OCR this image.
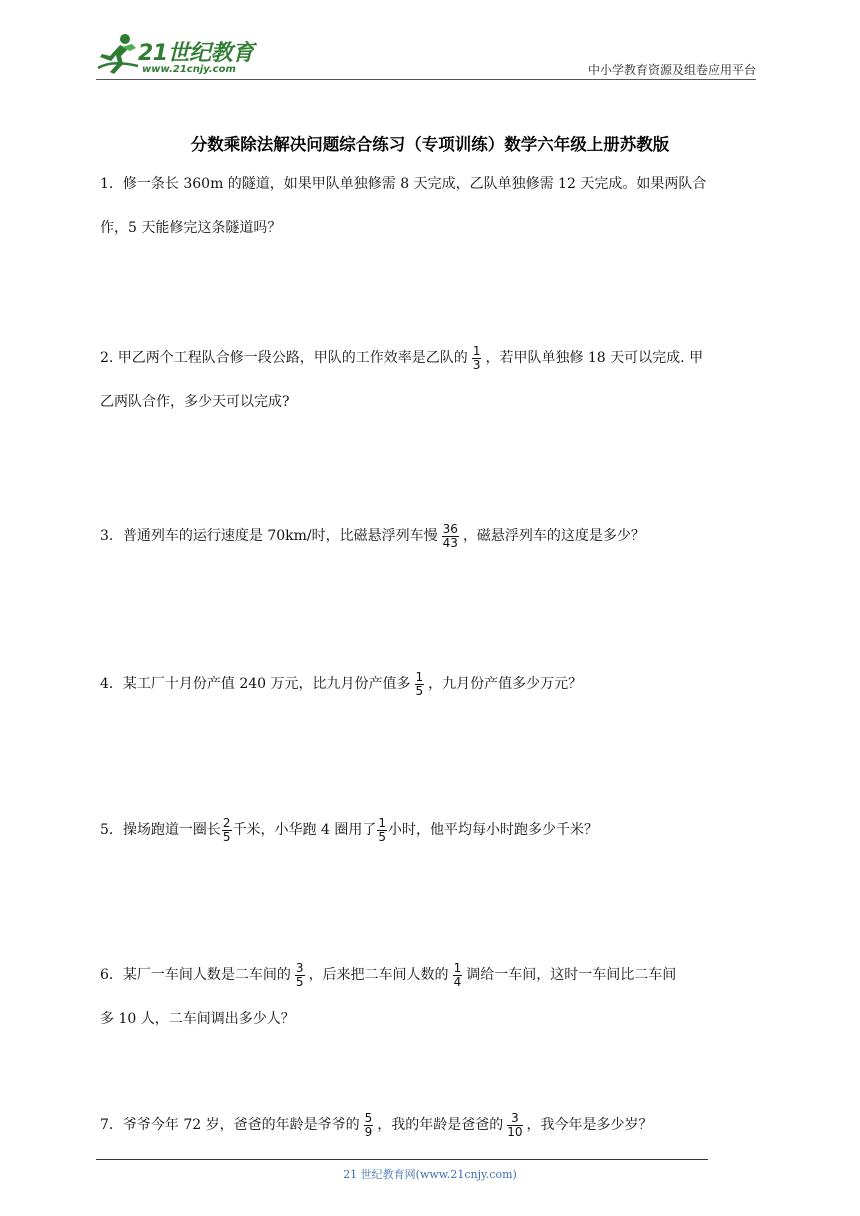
21世纪教育
www.21cnjy.com	中小学教育资源及组卷应用平台
分数乘除法解决问题综合练习（专项训练）数学六年级上册苏教版
1．修一条长 360m 的隧道，如果甲队单独修需 8 天完成，乙队单独修需 12 天完成。如果两队合
作，5 天能修完这条隧道吗？
2. 甲乙两个工程队合修一段公路，甲队的工作效率是乙队的 $\frac{1}{3}$ ，若甲队单独修 18 天可以完成. 甲
乙两队合作，多少天可以完成?
3．普通列车的运行速度是 70km/时，比磁悬浮列车慢 $\frac{36}{43}$ ，磁悬浮列车的这度是多少？
4．某工厂十月份产值 240 万元，比九月份产值多 $\frac{1}{5}$ ，九月份产值多少万元？
5．操场跑道一圈长 $\frac{2}{5}$ 千米，小华跑 4 圈用了 $\frac{1}{5}$ 小时，他平均每小时跑多少千米？
6．某厂一车间人数是二车间的 $\frac{3}{5}$ ，后来把二车间人数的 $\frac{1}{4}$ 调给一车间，这时一车间比二车间
多 10 人，二车间调出多少人？
7．爷爷今年 72 岁，爸爸的年龄是爷爷的 $\frac{5}{9}$ ，我的年龄是爸爸的 $\frac{3}{10}$ ，我今年是多少岁？
21 世纪教育网(www.21cnjy.com)
